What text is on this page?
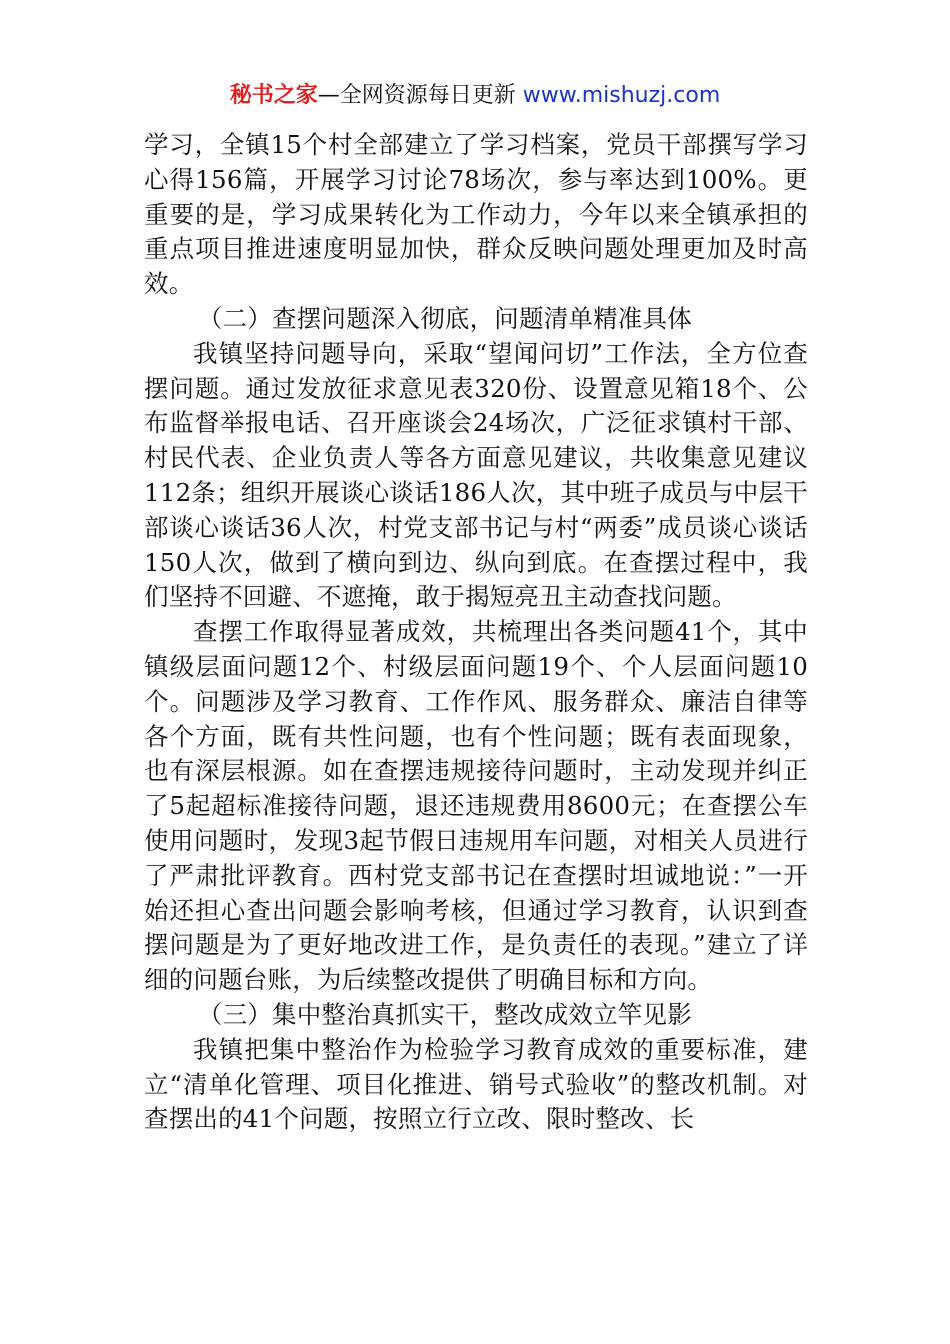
秘书之家—全网资源每日更新 www.mishuzj.com

学习，全镇15个村全部建立了学习档案，党员干部撰写学习心得156篇，开展学习讨论78场次，参与率达到100%。更重要的是，学习成果转化为工作动力，今年以来全镇承担的重点项目推进速度明显加快，群众反映问题处理更加及时高效。

（二）查摆问题深入彻底，问题清单精准具体

我镇坚持问题导向，采取“望闻问切”工作法，全方位查摆问题。通过发放征求意见表320份、设置意见箱18个、公布监督举报电话、召开座谈会24场次，广泛征求镇村干部、村民代表、企业负责人等各方面意见建议，共收集意见建议112条；组织开展谈心谈话186人次，其中班子成员与中层干部谈心谈话36人次，村党支部书记与村“两委”成员谈心谈话150人次，做到了横向到边、纵向到底。在查摆过程中，我们坚持不回避、不遮掩，敢于揭短亮丑主动查找问题。

查摆工作取得显著成效，共梳理出各类问题41个，其中镇级层面问题12个、村级层面问题19个、个人层面问题10个。问题涉及学习教育、工作作风、服务群众、廉洁自律等各个方面，既有共性问题，也有个性问题；既有表面现象，也有深层根源。如在查摆违规接待问题时，主动发现并纠正了5起超标准接待问题，退还违规费用8600元；在查摆公车使用问题时，发现3起节假日违规用车问题，对相关人员进行了严肃批评教育。西村党支部书记在查摆时坦诚地说：”一开始还担心查出问题会影响考核，但通过学习教育，认识到查摆问题是为了更好地改进工作，是负责任的表现。”建立了详细的问题台账，为后续整改提供了明确目标和方向。

（三）集中整治真抓实干，整改成效立竿见影

我镇把集中整治作为检验学习教育成效的重要标准，建立“清单化管理、项目化推进、销号式验收”的整改机制。对查摆出的41个问题，按照立行立改、限时整改、长
